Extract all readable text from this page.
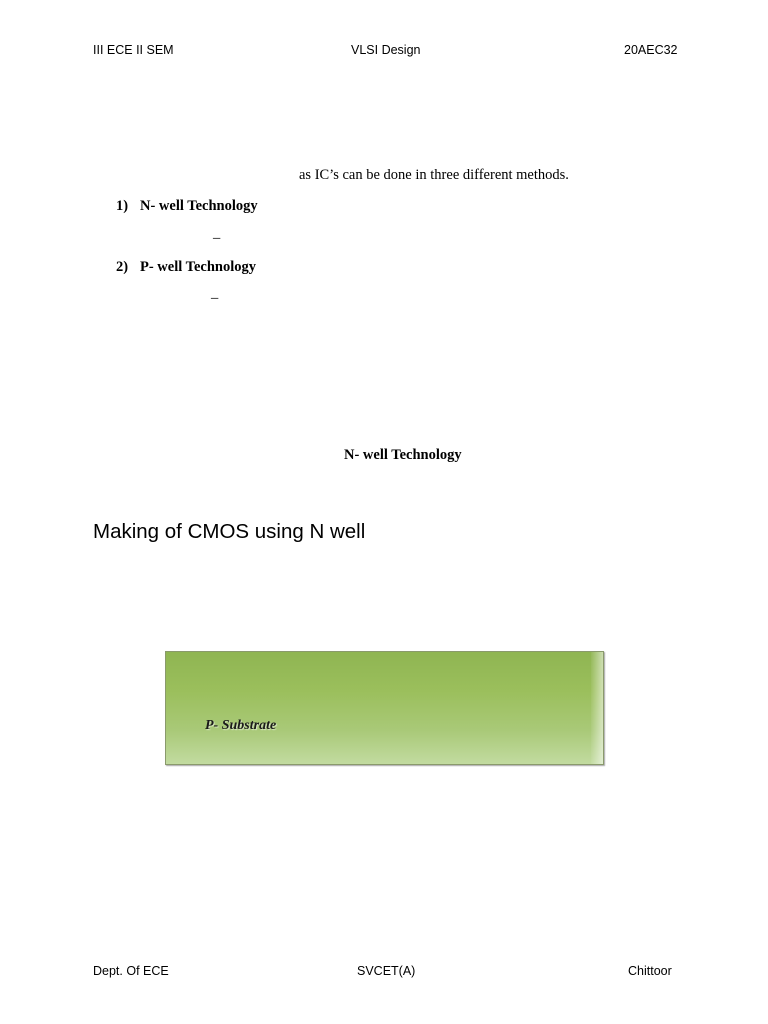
III ECE II SEM	VLSI Design	20AEC32
as IC’s can be done in three different methods.
1) N- well Technology
–
2) P- well Technology
–
N- well Technology
Making of CMOS using N well
P- Substrate
Dept. Of ECE	SVCET(A)	Chittoor
